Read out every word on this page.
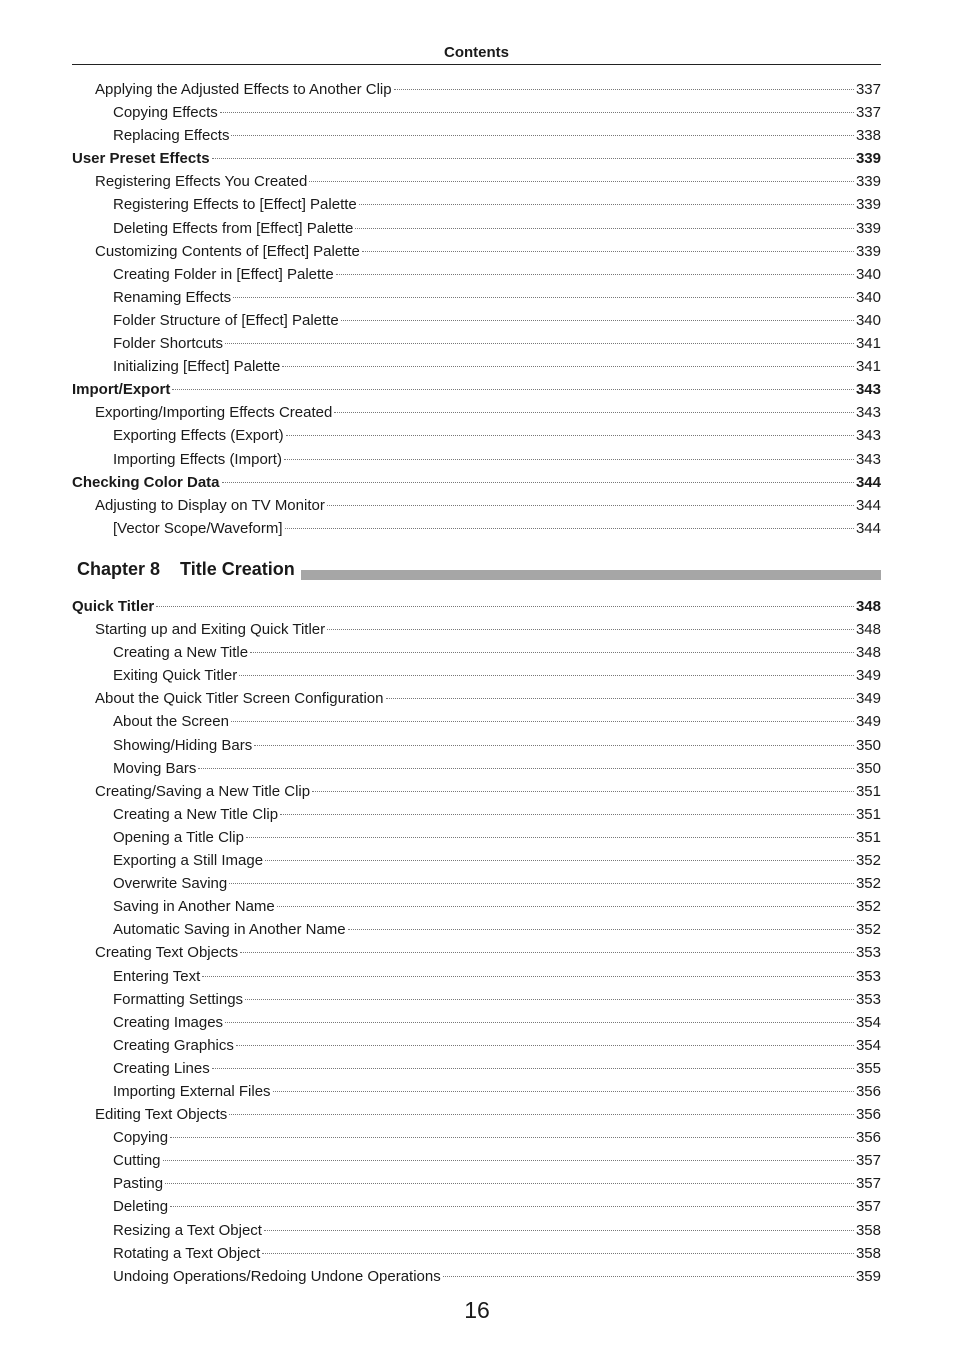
Contents
Applying the Adjusted Effects to Another Clip	337
Copying Effects	337
Replacing Effects	338
User Preset Effects	339
Registering Effects You Created	339
Registering Effects to [Effect] Palette	339
Deleting Effects from [Effect] Palette	339
Customizing Contents of [Effect] Palette	339
Creating Folder in [Effect] Palette	340
Renaming Effects	340
Folder Structure of [Effect] Palette	340
Folder Shortcuts	341
Initializing [Effect] Palette	341
Import/Export	343
Exporting/Importing Effects Created	343
Exporting Effects (Export)	343
Importing Effects (Import)	343
Checking Color Data	344
Adjusting to Display on TV Monitor	344
[Vector Scope/Waveform]	344
Chapter 8 Title Creation
Quick Titler	348
Starting up and Exiting Quick Titler	348
Creating a New Title	348
Exiting Quick Titler	349
About the Quick Titler Screen Configuration	349
About the Screen	349
Showing/Hiding Bars	350
Moving Bars	350
Creating/Saving a New Title Clip	351
Creating a New Title Clip	351
Opening a Title Clip	351
Exporting a Still Image	352
Overwrite Saving	352
Saving in Another Name	352
Automatic Saving in Another Name	352
Creating Text Objects	353
Entering Text	353
Formatting Settings	353
Creating Images	354
Creating Graphics	354
Creating Lines	355
Importing External Files	356
Editing Text Objects	356
Copying	356
Cutting	357
Pasting	357
Deleting	357
Resizing a Text Object	358
Rotating a Text Object	358
Undoing Operations/Redoing Undone Operations	359
16
